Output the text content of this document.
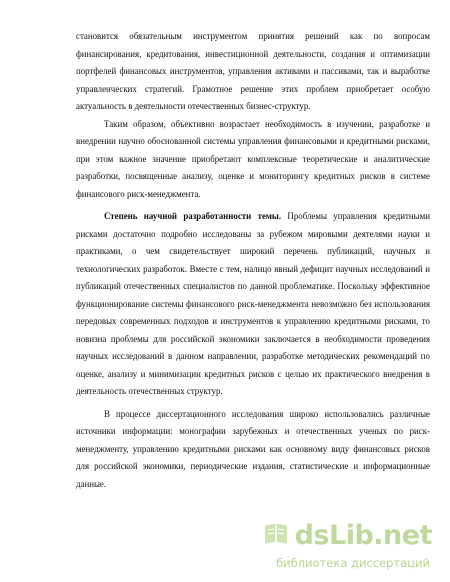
становится обязательным инструментом принятия решений как по вопросам финансирования, кредитования, инвестиционной деятельности, создания и оптимизации портфелей финансовых инструментов, управления активами и пассивами, так и выработке управленческих стратегий. Грамотное решение этих проблем приобретает особую актуальность в деятельности отечественных бизнес-структур.

Таким образом, объективно возрастает необходимость в изучении, разработке и внедрении научно обоснованной системы управления финансовыми и кредитными рисками, при этом важное значение приобретают комплексные теоретические и аналитические разработки, посвященные анализу, оценке и мониторингу кредитных рисков в системе финансового риск-менеджмента.

Степень научной разработанности темы. Проблемы управления кредитными рисками достаточно подробно исследованы за рубежом мировыми деятелями науки и практиками, о чем свидетельствует широкий перечень публикаций, научных и технологических разработок. Вместе с тем, налицо явный дефицит научных исследований и публикаций отечественных специалистов по данной проблематике. Поскольку эффективное функционирование системы финансового риск-менеджмента невозможно без использования передовых современных подходов и инструментов к управлению кредитными рисками, то новизна проблемы для российской экономики заключается в необходимости проведения научных исследований в данном направлении, разработке методических рекомендаций по оценке, анализу и минимизации кредитных рисков с целью их практического внедрения в деятельность отечественных структур.

В процессе диссертационного исследования широко использовались различные источники информации: монографии зарубежных и отечественных ученых по риск-менеджменту, управлению кредитными рисками как основному виду финансовых рисков для российской экономики, периодические издания, статистические и информационные данные.

dsLib.net
библиотека диссертаций
